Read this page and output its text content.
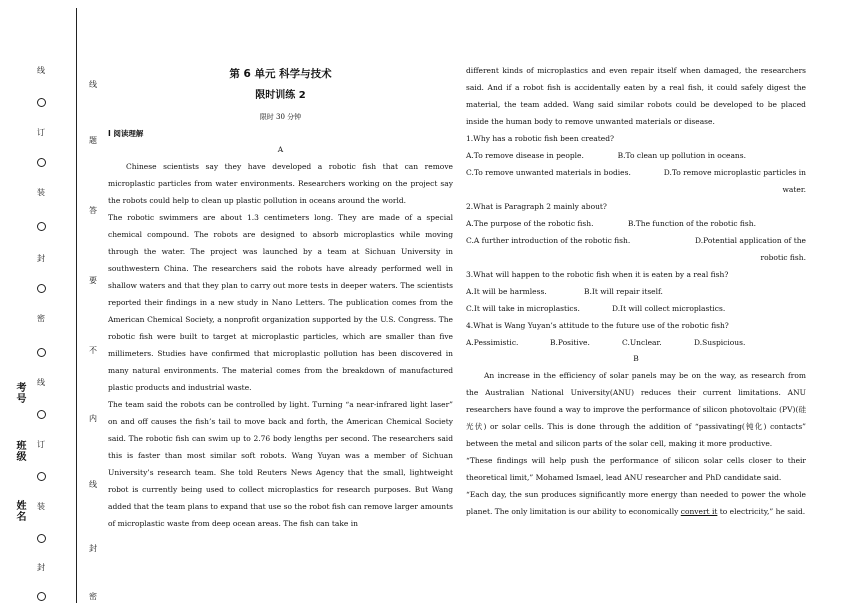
线
订
装
封
密
线
订
装
封
线
题
答
要
不
内
线
封
密
考号
班级
姓名
第 6 单元 科学与技术
限时训练 2
限时 30 分钟
Ⅰ 阅读理解
A

Chinese scientists say they have developed a robotic fish that can remove microplastic particles from water environments. Researchers working on the project say the robots could help to clean up plastic pollution in oceans around the world.

The robotic swimmers are about 1.3 centimeters long. They are made of a special chemical compound. The robots are designed to absorb microplastics while moving through the water. The project was launched by a team at Sichuan University in southwestern China. The researchers said the robots have already performed well in shallow waters and that they plan to carry out more tests in deeper waters. The scientists reported their findings in a new study in Nano Letters. The publication comes from the American Chemical Society, a nonprofit organization supported by the U.S. Congress. The robotic fish were built to target at microplastic particles, which are smaller than five millimeters. Studies have confirmed that microplastic pollution has been discovered in many natural environments. The material comes from the breakdown of manufactured plastic products and industrial waste.

The team said the robots can be controlled by light. Turning “a near-infrared light laser” on and off causes the fish’s tail to move back and forth, the American Chemical Society said. The robotic fish can swim up to 2.76 body lengths per second. The researchers said this is faster than most similar soft robots. Wang Yuyan was a member of Sichuan University’s research team. She told Reuters News Agency that the small, lightweight robot is currently being used to collect microplastics for research purposes. But Wang added that the team plans to expand that use so the robot fish can remove larger amounts of microplastic waste from deep ocean areas. The fish can take in

different kinds of microplastics and even repair itself when damaged, the researchers said. And if a robot fish is accidentally eaten by a real fish, it could safely digest the material, the team added. Wang said similar robots could be developed to be placed inside the human body to remove unwanted materials or disease.

1.Why has a robotic fish been created?
A.To remove disease in people.	B.To clean up pollution in oceans.
C.To remove unwanted materials in bodies.	D.To remove microplastic particles in water.
2.What is Paragraph 2 mainly about?
A.The purpose of the robotic fish.	B.The function of the robotic fish.
C.A further introduction of the robotic fish.	D.Potential application of the robotic fish.
3.What will happen to the robotic fish when it is eaten by a real fish?
A.It will be harmless.	B.It will repair itself.
C.It will take in microplastics.	D.It will collect microplastics.
4.What is Wang Yuyan’s attitude to the future use of the robotic fish?
A.Pessimistic.	B.Positive.	C.Unclear.	D.Suspicious.
B

An increase in the efficiency of solar panels may be on the way, as research from the Australian National University(ANU) reduces their current limitations. ANU researchers have found a way to improve the performance of silicon photovoltaic (PV)(硅光伏) or solar cells. This is done through the addition of “passivating(钝化) contacts” between the metal and silicon parts of the solar cell, making it more productive.

“These findings will help push the performance of silicon solar cells closer to their theoretical limit,” Mohamed Ismael, lead ANU researcher and PhD candidate said.

“Each day, the sun produces significantly more energy than needed to power the whole planet. The only limitation is our ability to economically convert it to electricity,” he said.
